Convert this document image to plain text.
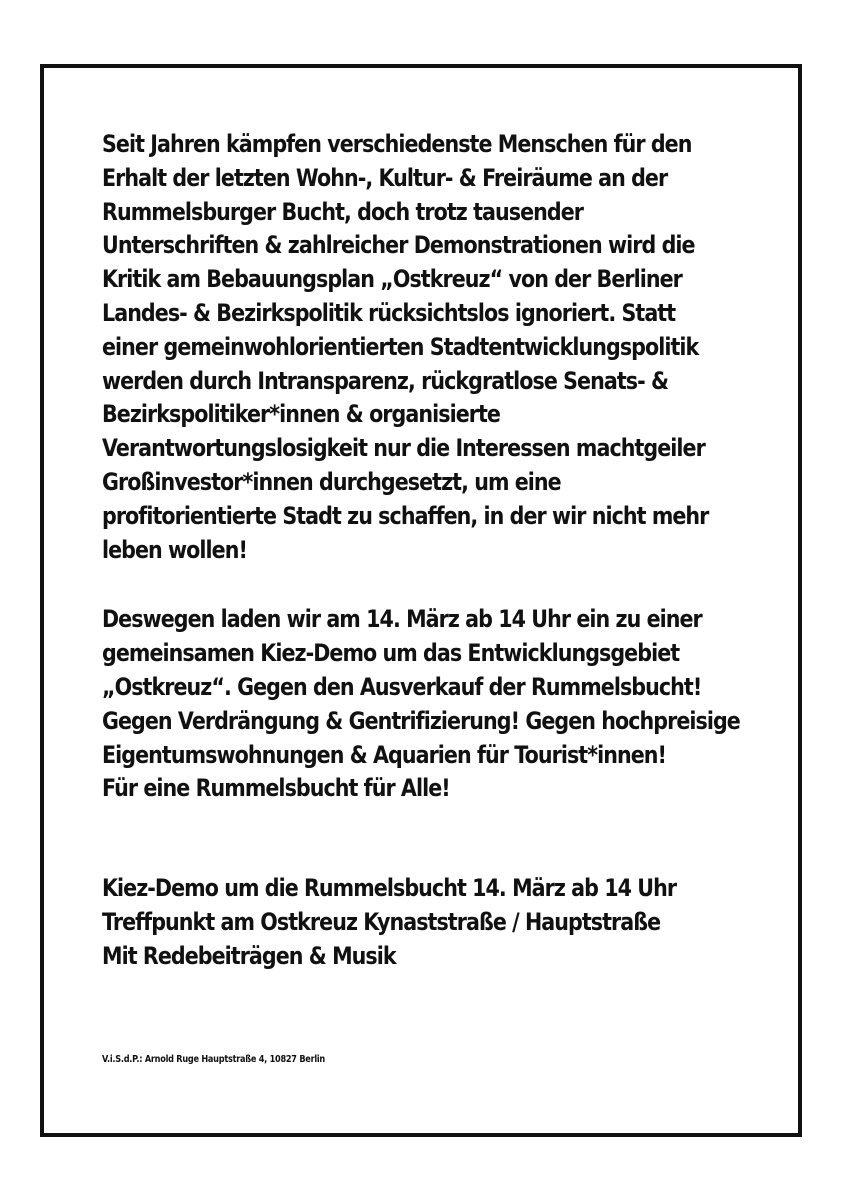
Seit Jahren kämpfen verschiedenste Menschen für den
Erhalt der letzten Wohn-, Kultur- & Freiräume an der
Rummelsburger Bucht, doch trotz tausender
Unterschriften & zahlreicher Demonstrationen wird die
Kritik am Bebauungsplan „Ostkreuz“ von der Berliner
Landes- & Bezirkspolitik rücksichtslos ignoriert. Statt
einer gemeinwohlorientierten Stadtentwicklungspolitik
werden durch Intransparenz, rückgratlose Senats- &
Bezirkspolitiker*innen & organisierte
Verantwortungslosigkeit nur die Interessen machtgeiler
Großinvestor*innen durchgesetzt, um eine
profitorientierte Stadt zu schaffen, in der wir nicht mehr
leben wollen!

Deswegen laden wir am 14. März ab 14 Uhr ein zu einer
gemeinsamen Kiez-Demo um das Entwicklungsgebiet
„Ostkreuz“. Gegen den Ausverkauf der Rummelsbucht!
Gegen Verdrängung & Gentrifizierung! Gegen hochpreisige
Eigentumswohnungen & Aquarien für Tourist*innen!
Für eine Rummelsbucht für Alle!

Kiez-Demo um die Rummelsbucht 14. März ab 14 Uhr
Treffpunkt am Ostkreuz Kynaststraße / Hauptstraße
Mit Redebeiträgen & Musik

V.i.S.d.P.: Arnold Ruge Hauptstraße 4, 10827 Berlin
